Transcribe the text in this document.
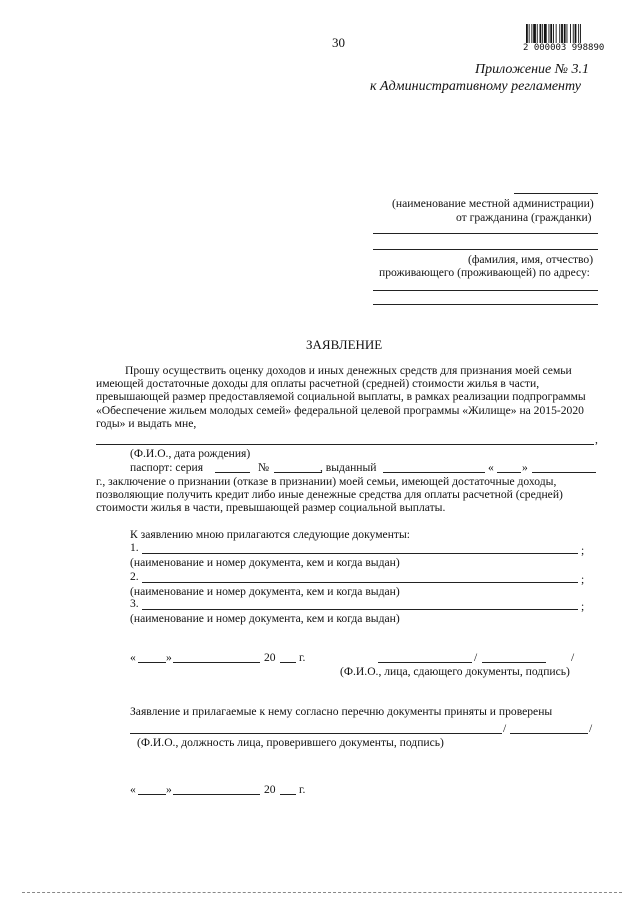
30	2 000003 998890
Приложение № 3.1
к Административному регламенту
(наименование местной администрации)
от гражданина (гражданки)
(фамилия, имя, отчество)
проживающего (проживающей) по адресу:
ЗАЯВЛЕНИЕ
Прошу осуществить оценку доходов и иных денежных средств для признания моей семьи
имеющей достаточные доходы для оплаты расчетной (средней) стоимости жилья в части,
превышающей размер предоставляемой социальной выплаты, в рамках реализации подпрограммы
«Обеспечение жильем молодых семей» федеральной целевой программы «Жилище» на 2015-2020
годы» и выдать мне,
,
(Ф.И.О., дата рождения)
паспорт: серия	№	, выданный	« »
г., заключение о признании (отказе в признании) моей семьи, имеющей достаточные доходы,
позволяющие получить кредит либо иные денежные средства для оплаты расчетной (средней)
стоимости жилья в части, превышающей размер социальной выплаты.
К заявлению мною прилагаются следующие документы:
1.	;
(наименование и номер документа, кем и когда выдан)
2.	;
(наименование и номер документа, кем и когда выдан)
3.	;
(наименование и номер документа, кем и когда выдан)
«	»	20 г.	/	/
(Ф.И.О., лица, сдающего документы, подпись)
Заявление и прилагаемые к нему согласно перечню документы приняты и проверены
/	/
(Ф.И.О., должность лица, проверившего документы, подпись)
«	»	20 г.
